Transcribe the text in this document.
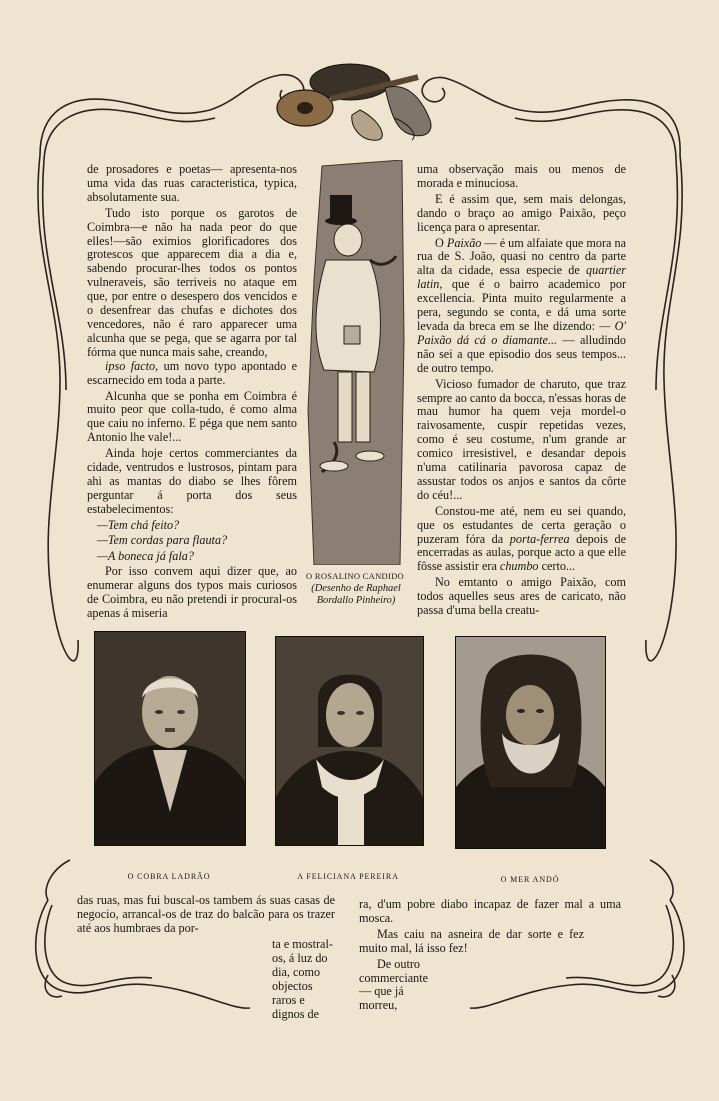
de prosadores e poetas— apresenta-nos uma vida das ruas caracteristica, typica, absolutamente sua.

Tudo isto porque os garotos de Coimbra—e não ha nada peor do que elles!—são eximios glorificadores dos grotescos que apparecem dia a dia e, sabendo procurar-lhes todos os pontos vulneraveis, são terriveis no ataque em que, por entre o desespero dos vencidos e o desenfrear das chufas e dichotes dos vencedores, não é raro apparecer uma alcunha que se pega, que se agarra por tal fórma que nunca mais sahe, creando,

ipso facto, um novo typo apontado e escarnecido em toda a parte.

Alcunha que se ponha em Coimbra é muito peor que colla-tudo, é como alma que caiu no inferno. E péga que nem santo Antonio lhe vale!...

Ainda hoje certos commerciantes da cidade, ventrudos e lustrosos, pintam para ahi as mantas do diabo se lhes fôrem perguntar á porta dos seus estabelecimentos:

—Tem chá feito?

—Tem cordas para flauta?

—A boneca já fala?

Por isso convem aqui dizer que, ao enumerar alguns dos typos mais curiosos de Coimbra, eu não pretendi ir procural-os apenas á miseria

O ROSALINO CANDIDO
(Desenho de Raphael
Bordallo Pinheiro)

uma observação mais ou menos de morada e minuciosa.

E é assim que, sem mais delongas, dando o braço ao amigo Paixão, peço licença para o apresentar.

O Paixão — é um alfaiate que mora na rua de S. João, quasi no centro da parte alta da cidade, essa especie de quartier latin, que é o bairro academico por excellencia. Pinta muito regularmente a pera, segundo se conta, e dá uma sorte levada da breca em se lhe dizendo: — O' Paixão dá cá o diamante... — alludindo não sei a que episodio dos seus tempos... de outro tempo.

Vicioso fumador de charuto, que traz sempre ao canto da bocca, n'essas horas de mau humor ha quem veja mordel-o raivosamente, cuspir repetidas vezes, como é seu costume, n'um grande ar comico irresistivel, e desandar depois n'uma catilinaria pavorosa capaz de assustar todos os anjos e santos da côrte do céu!...

Constou-me até, nem eu sei quando, que os estudantes de certa geração o puzeram fóra da porta-ferrea depois de encerradas as aulas, porque acto a que elle fôsse assistir era chumbo certo...

No emtanto o amigo Paixão, com todos aquelles seus ares de caricato, não passa d'uma bella creatu-

O COBRA LADRÃO	A FELICIANA PEREIRA	O MER ANDÓ

das ruas, mas fui buscal-os tambem ás suas casas de negocio, arrancal-os de traz do balcão para os trazer até aos humbraes da por-

ta e mostral-os, á luz do dia, como objectos raros e dignos de

ra, d'um pobre diabo incapaz de fazer mal a uma mosca.

Mas caiu na asneira de dar sorte e fez muito mal, lá isso fez!

De outro commerciante — que já morreu,
